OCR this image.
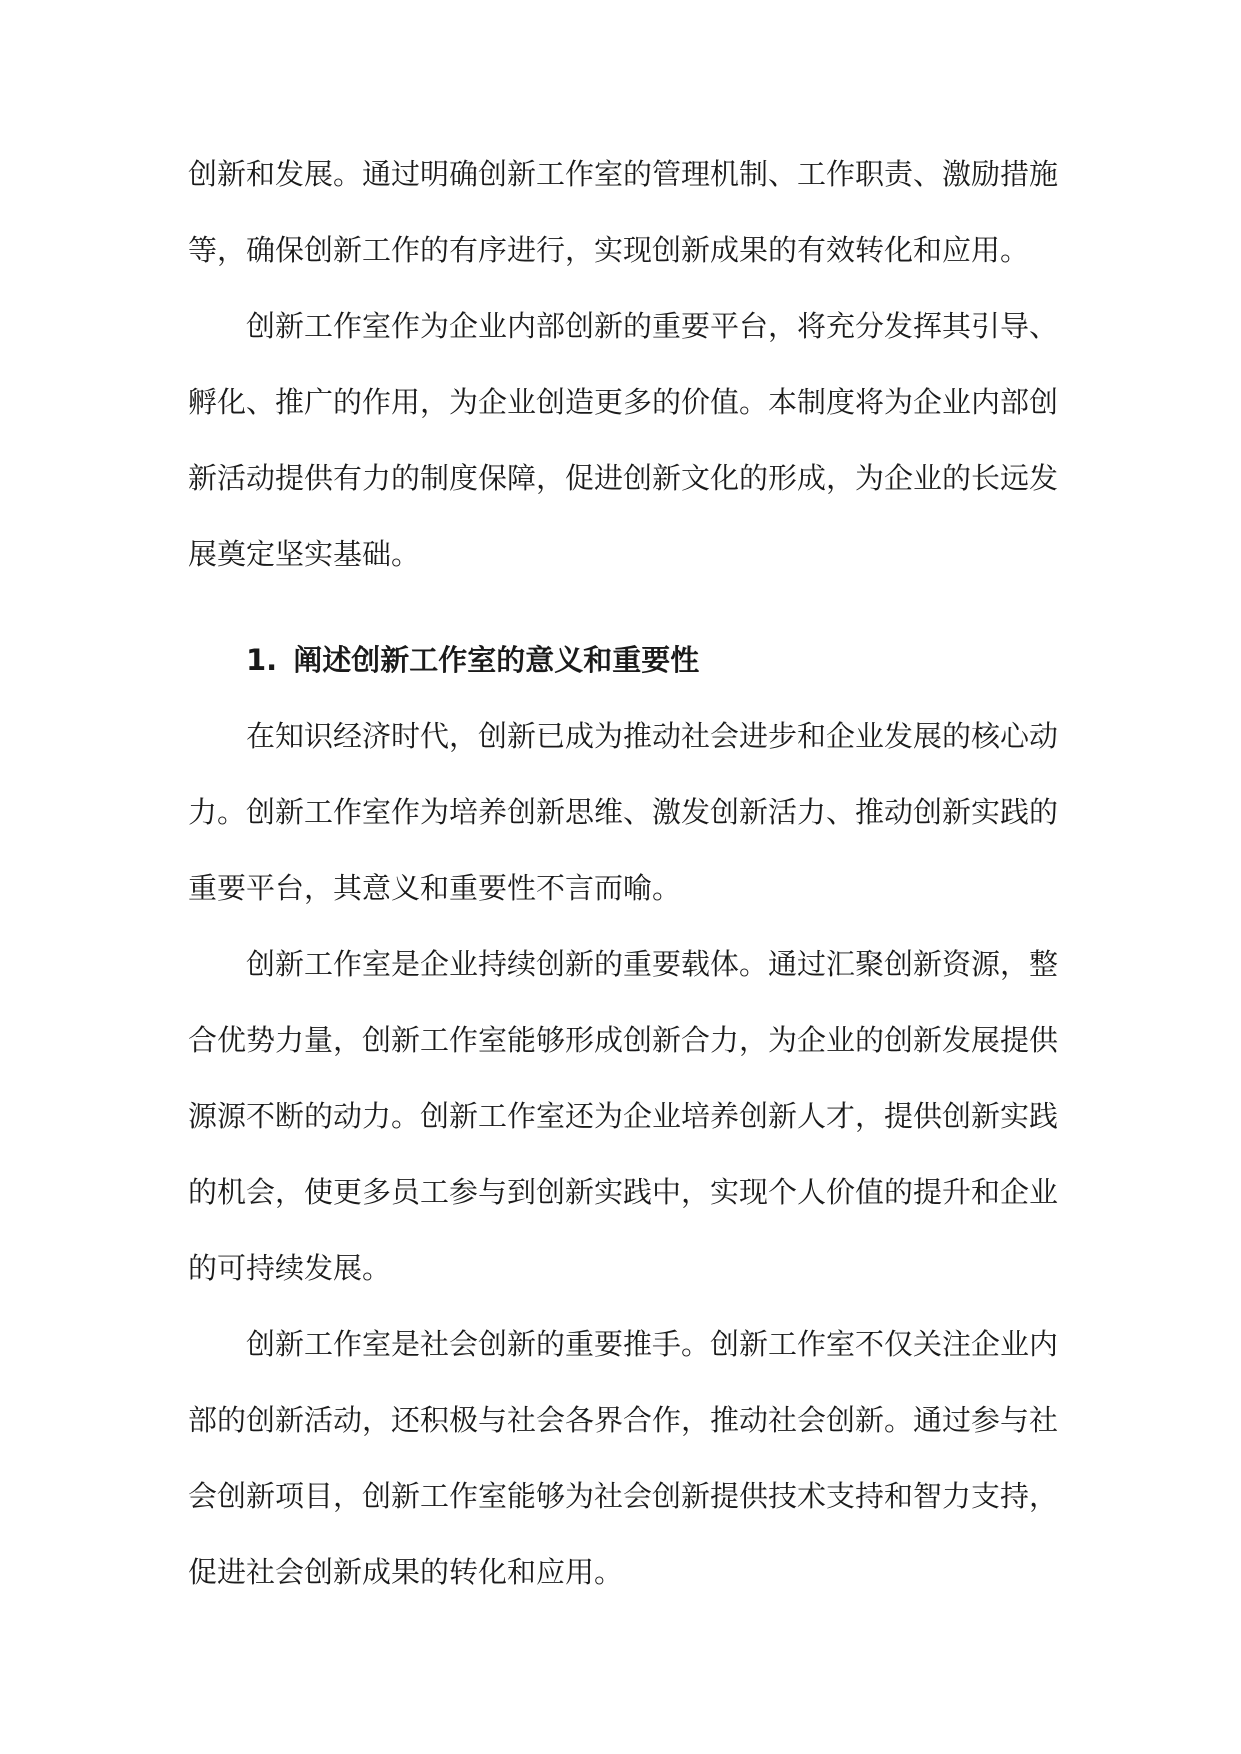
创新和发展。通过明确创新工作室的管理机制、工作职责、激励措施等，确保创新工作的有序进行，实现创新成果的有效转化和应用。

创新工作室作为企业内部创新的重要平台，将充分发挥其引导、孵化、推广的作用，为企业创造更多的价值。本制度将为企业内部创新活动提供有力的制度保障，促进创新文化的形成，为企业的长远发展奠定坚实基础。

1. 阐述创新工作室的意义和重要性

在知识经济时代，创新已成为推动社会进步和企业发展的核心动力。创新工作室作为培养创新思维、激发创新活力、推动创新实践的重要平台，其意义和重要性不言而喻。

创新工作室是企业持续创新的重要载体。通过汇聚创新资源，整合优势力量，创新工作室能够形成创新合力，为企业的创新发展提供源源不断的动力。创新工作室还为企业培养创新人才，提供创新实践的机会，使更多员工参与到创新实践中，实现个人价值的提升和企业的可持续发展。

创新工作室是社会创新的重要推手。创新工作室不仅关注企业内部的创新活动，还积极与社会各界合作，推动社会创新。通过参与社会创新项目，创新工作室能够为社会创新提供技术支持和智力支持，促进社会创新成果的转化和应用。
